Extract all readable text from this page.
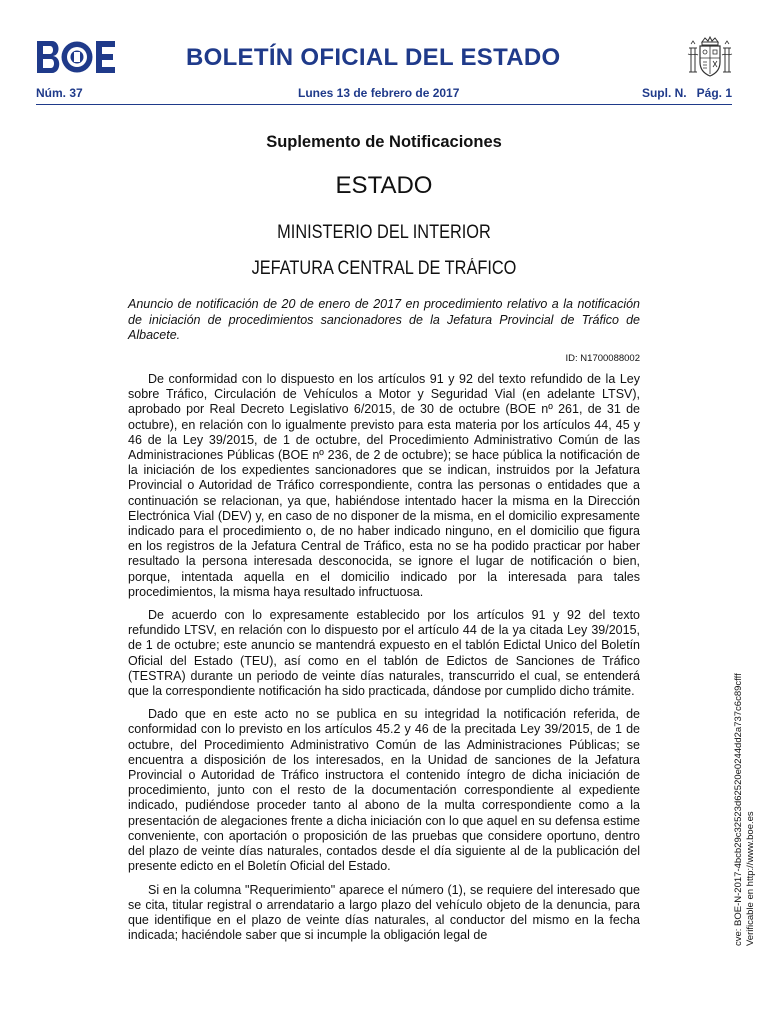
BOLETÍN OFICIAL DEL ESTADO
Núm. 37	Lunes 13 de febrero de 2017	Supl. N. Pág. 1
Suplemento de Notificaciones
ESTADO
MINISTERIO DEL INTERIOR
JEFATURA CENTRAL DE TRÁFICO
Anuncio de notificación de 20 de enero de 2017 en procedimiento relativo a la notificación de iniciación de procedimientos sancionadores de la Jefatura Provincial de Tráfico de Albacete.
ID: N1700088002

De conformidad con lo dispuesto en los artículos 91 y 92 del texto refundido de la Ley sobre Tráfico, Circulación de Vehículos a Motor y Seguridad Vial (en adelante LTSV), aprobado por Real Decreto Legislativo 6/2015, de 30 de octubre (BOE nº 261, de 31 de octubre), en relación con lo igualmente previsto para esta materia por los artículos 44, 45 y 46 de la Ley 39/2015, de 1 de octubre, del Procedimiento Administrativo Común de las Administraciones Públicas (BOE nº 236, de 2 de octubre); se hace pública la notificación de la iniciación de los expedientes sancionadores que se indican, instruidos por la Jefatura Provincial o Autoridad de Tráfico correspondiente, contra las personas o entidades que a continuación se relacionan, ya que, habiéndose intentado hacer la misma en la Dirección Electrónica Vial (DEV) y, en caso de no disponer de la misma, en el domicilio expresamente indicado para el procedimiento o, de no haber indicado ninguno, en el domicilio que figura en los registros de la Jefatura Central de Tráfico, esta no se ha podido practicar por haber resultado la persona interesada desconocida, se ignore el lugar de notificación o bien, porque, intentada aquella en el domicilio indicado por la interesada para tales procedimientos, la misma haya resultado infructuosa.

De acuerdo con lo expresamente establecido por los artículos 91 y 92 del texto refundido LTSV, en relación con lo dispuesto por el artículo 44 de la ya citada Ley 39/2015, de 1 de octubre; este anuncio se mantendrá expuesto en el tablón Edictal Unico del Boletín Oficial del Estado (TEU), así como en el tablón de Edictos de Sanciones de Tráfico (TESTRA) durante un periodo de veinte días naturales, transcurrido el cual, se entenderá que la correspondiente notificación ha sido practicada, dándose por cumplido dicho trámite.

Dado que en este acto no se publica en su integridad la notificación referida, de conformidad con lo previsto en los artículos 45.2 y 46 de la precitada Ley 39/2015, de 1 de octubre, del Procedimiento Administrativo Común de las Administraciones Públicas; se encuentra a disposición de los interesados, en la Unidad de sanciones de la Jefatura Provincial o Autoridad de Tráfico instructora el contenido íntegro de dicha iniciación de procedimiento, junto con el resto de la documentación correspondiente al expediente indicado, pudiéndose proceder tanto al abono de la multa correspondiente como a la presentación de alegaciones frente a dicha iniciación con lo que aquel en su defensa estime conveniente, con aportación o proposición de las pruebas que considere oportuno, dentro del plazo de veinte días naturales, contados desde el día siguiente al de la publicación del presente edicto en el Boletín Oficial del Estado.

Si en la columna "Requerimiento" aparece el número (1), se requiere del interesado que se cita, titular registral o arrendatario a largo plazo del vehículo objeto de la denuncia, para que identifique en el plazo de veinte días naturales, al conductor del mismo en la fecha indicada; haciéndole saber que si incumple la obligación legal de	cve: BOE-N-2017-4bcb29c32523d62520e0244dd2a737c6c89cfff Verificable en http://www.boe.es
